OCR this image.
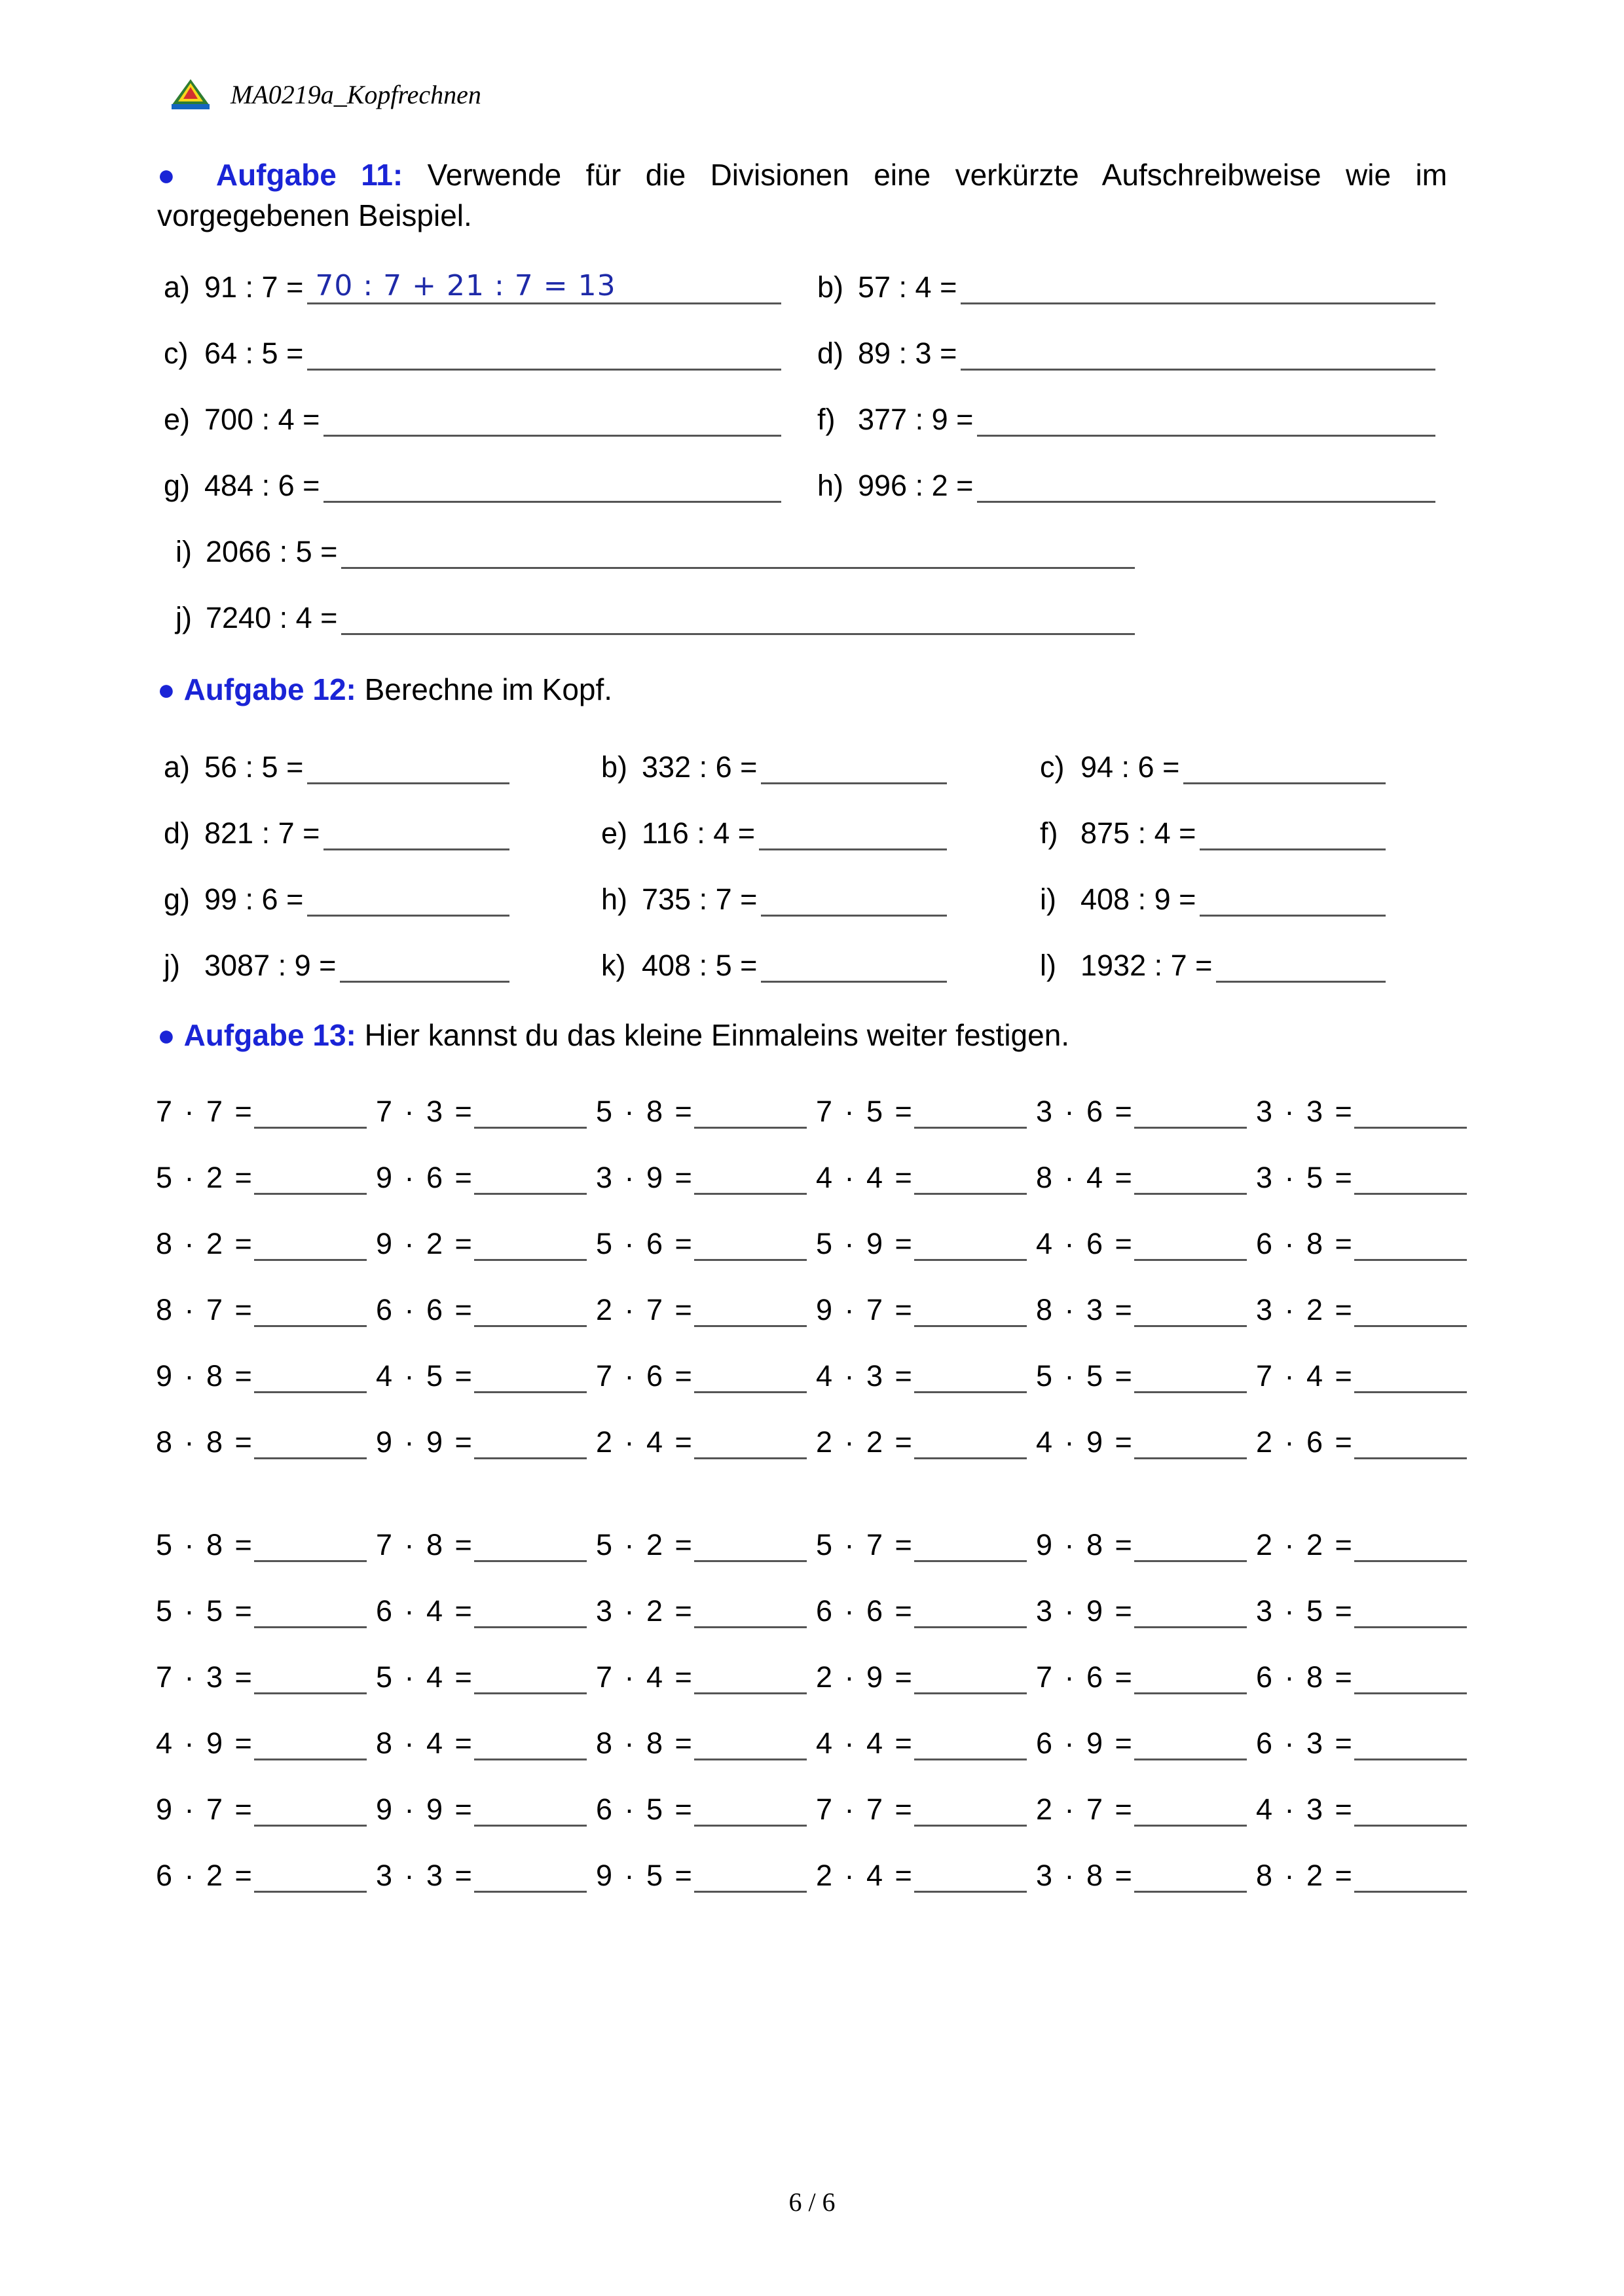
MA0219a_Kopfrechnen
● Aufgabe 11: Verwende für die Divisionen eine verkürzte Aufschreibweise wie im vorgegebenen Beispiel.
a) 91 : 7 = 70 : 7 + 21 : 7 = 13	b) 57 : 4 =
c) 64 : 5 =	d) 89 : 3 =
e) 700 : 4 =	f) 377 : 9 =
g) 484 : 6 =	h) 996 : 2 =
i) 2066 : 5 =
j) 7240 : 4 =
● Aufgabe 12: Berechne im Kopf.
a) 56 : 5 =	b) 332 : 6 =	c) 94 : 6 =
d) 821 : 7 =	e) 116 : 4 =	f) 875 : 4 =
g) 99 : 6 =	h) 735 : 7 =	i) 408 : 9 =
j) 3087 : 9 =	k) 408 : 5 =	l) 1932 : 7 =
● Aufgabe 13: Hier kannst du das kleine Einmaleins weiter festigen.
7 · 7 =	7 · 3 =	5 · 8 =	7 · 5 =	3 · 6 =	3 · 3 =
5 · 2 =	9 · 6 =	3 · 9 =	4 · 4 =	8 · 4 =	3 · 5 =
8 · 2 =	9 · 2 =	5 · 6 =	5 · 9 =	4 · 6 =	6 · 8 =
8 · 7 =	6 · 6 =	2 · 7 =	9 · 7 =	8 · 3 =	3 · 2 =
9 · 8 =	4 · 5 =	7 · 6 =	4 · 3 =	5 · 5 =	7 · 4 =
8 · 8 =	9 · 9 =	2 · 4 =	2 · 2 =	4 · 9 =	2 · 6 =
5 · 8 =	7 · 8 =	5 · 2 =	5 · 7 =	9 · 8 =	2 · 2 =
5 · 5 =	6 · 4 =	3 · 2 =	6 · 6 =	3 · 9 =	3 · 5 =
7 · 3 =	5 · 4 =	7 · 4 =	2 · 9 =	7 · 6 =	6 · 8 =
4 · 9 =	8 · 4 =	8 · 8 =	4 · 4 =	6 · 9 =	6 · 3 =
9 · 7 =	9 · 9 =	6 · 5 =	7 · 7 =	2 · 7 =	4 · 3 =
6 · 2 =	3 · 3 =	9 · 5 =	2 · 4 =	3 · 8 =	8 · 2 =
6 / 6
